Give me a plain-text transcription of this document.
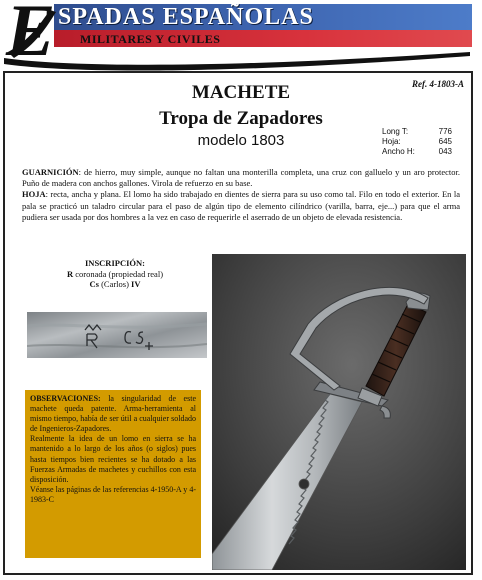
E SPADAS ESPAÑOLAS
MILITARES Y CIVILES
Ref. 4-1803-A
MACHETE
Tropa de Zapadores
modelo 1803
Long T:	776
Hoja:	645
Ancho H:	043
GUARNICIÓN: de hierro, muy simple, aunque no faltan una monterilla completa, una cruz con galluelo y un aro protector. Puño de madera con anchos gallones. Virola de refuerzo en su base.
HOJA: recta, ancha y plana. El lomo ha sido trabajado en dientes de sierra para su uso como tal. Filo en todo el exterior. En la pala se practicó un taladro circular para el paso de algún tipo de elemento cilíndrico (varilla, barra, eje...) para que el arma pudiera ser usada por dos hombres a la vez en caso de requerirle el aserrado de un objeto de elevada resistencia.
INSCRIPCIÓN:
R coronada (propiedad real)
Cs (Carlos) IV

OBSERVACIONES: la singularidad de este machete queda patente. Arma-herramienta al mismo tiempo, había de ser útil a cualquier soldado de Ingenieros-Zapadores.

Realmente la idea de un lomo en sierra se ha mantenido a lo largo de los años (o siglos) pues hasta tiempos bien recientes se ha dotado a las Fuerzas Armadas de machetes y cuchillos con esta disposición.

Véanse las páginas de las referencias 4-1950-A y 4-1983-C
